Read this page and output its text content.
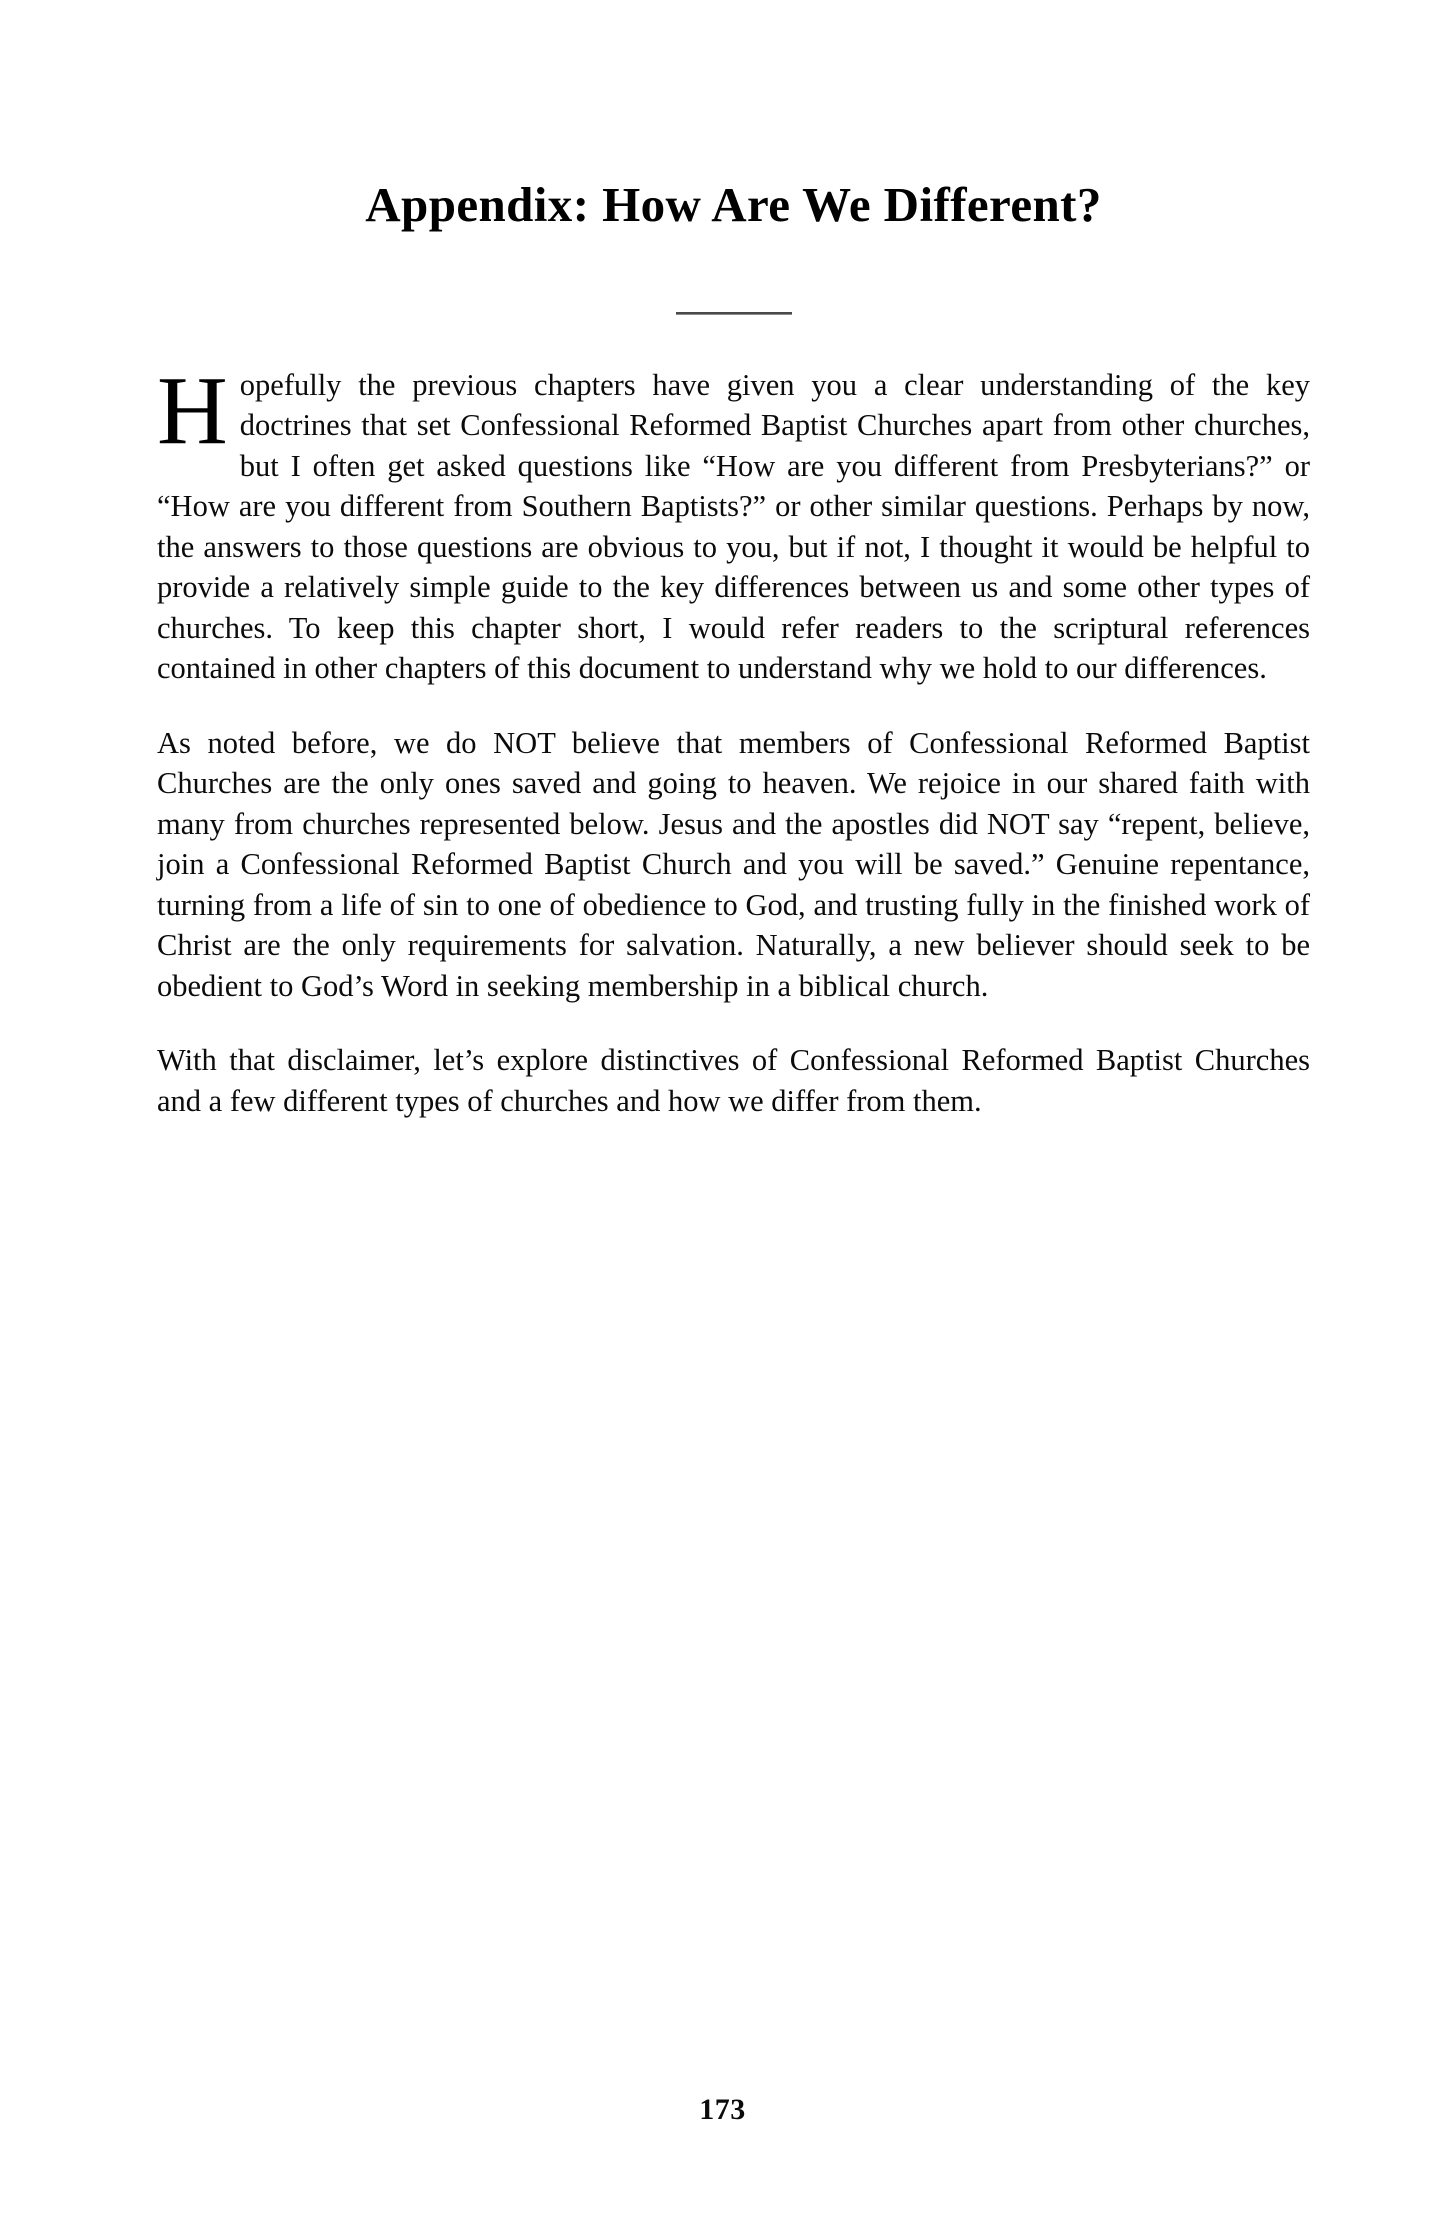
Appendix: How Are We Different?

Hopefully the previous chapters have given you a clear understanding of the key doctrines that set Confessional Reformed Baptist Churches apart from other churches, but I often get asked questions like “How are you different from Presbyterians?” or “How are you different from Southern Baptists?” or other similar questions. Perhaps by now, the answers to those questions are obvious to you, but if not, I thought it would be helpful to provide a relatively simple guide to the key differences between us and some other types of churches. To keep this chapter short, I would refer readers to the scriptural references contained in other chapters of this document to understand why we hold to our differences.

As noted before, we do NOT believe that members of Confessional Reformed Baptist Churches are the only ones saved and going to heaven. We rejoice in our shared faith with many from churches represented below. Jesus and the apostles did NOT say “repent, believe, join a Confessional Reformed Baptist Church and you will be saved.” Genuine repentance, turning from a life of sin to one of obedience to God, and trusting fully in the finished work of Christ are the only requirements for salvation. Naturally, a new believer should seek to be obedient to God’s Word in seeking membership in a biblical church.

With that disclaimer, let’s explore distinctives of Confessional Reformed Baptist Churches and a few different types of churches and how we differ from them.

173
